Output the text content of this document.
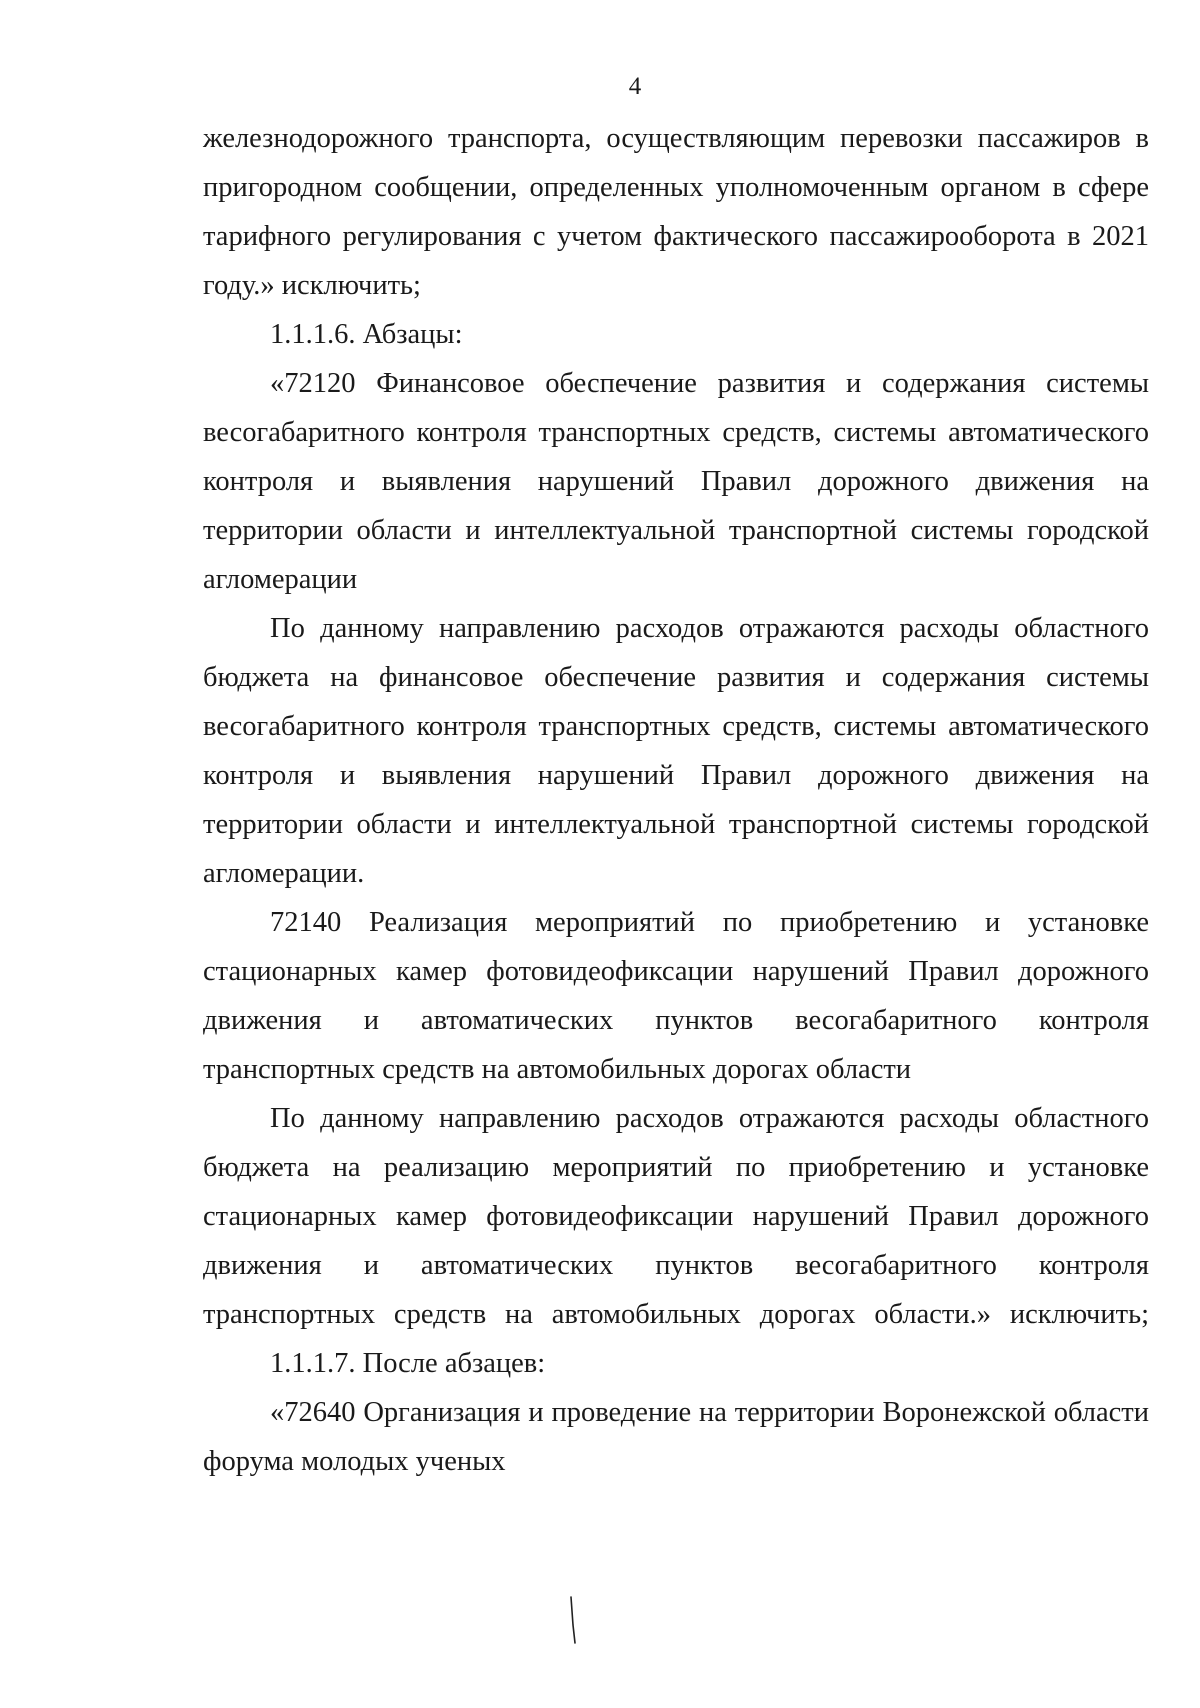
4
железнодорожного транспорта, осуществляющим перевозки пассажиров в
пригородном сообщении, определенных уполномоченным органом в сфере
тарифного регулирования с учетом фактического пассажирооборота в 2021
году.» исключить;
1.1.1.6. Абзацы:
«72120 Финансовое обеспечение развития и содержания системы
весогабаритного контроля транспортных средств, системы автоматического
контроля и выявления нарушений Правил дорожного движения на
территории области и интеллектуальной транспортной системы городской
агломерации
По данному направлению расходов отражаются расходы областного
бюджета на финансовое обеспечение развития и содержания системы
весогабаритного контроля транспортных средств, системы автоматического
контроля и выявления нарушений Правил дорожного движения на
территории области и интеллектуальной транспортной системы городской
агломерации.
72140 Реализация мероприятий по приобретению и установке
стационарных камер фотовидеофиксации нарушений Правил дорожного
движения и автоматических пунктов весогабаритного контроля
транспортных средств на автомобильных дорогах области
По данному направлению расходов отражаются расходы областного
бюджета на реализацию мероприятий по приобретению и установке
стационарных камер фотовидеофиксации нарушений Правил дорожного
движения и автоматических пунктов весогабаритного контроля
транспортных средств на автомобильных дорогах области.» исключить;
1.1.1.7. После абзацев:
«72640 Организация и проведение на территории Воронежской области
форума молодых ученых
